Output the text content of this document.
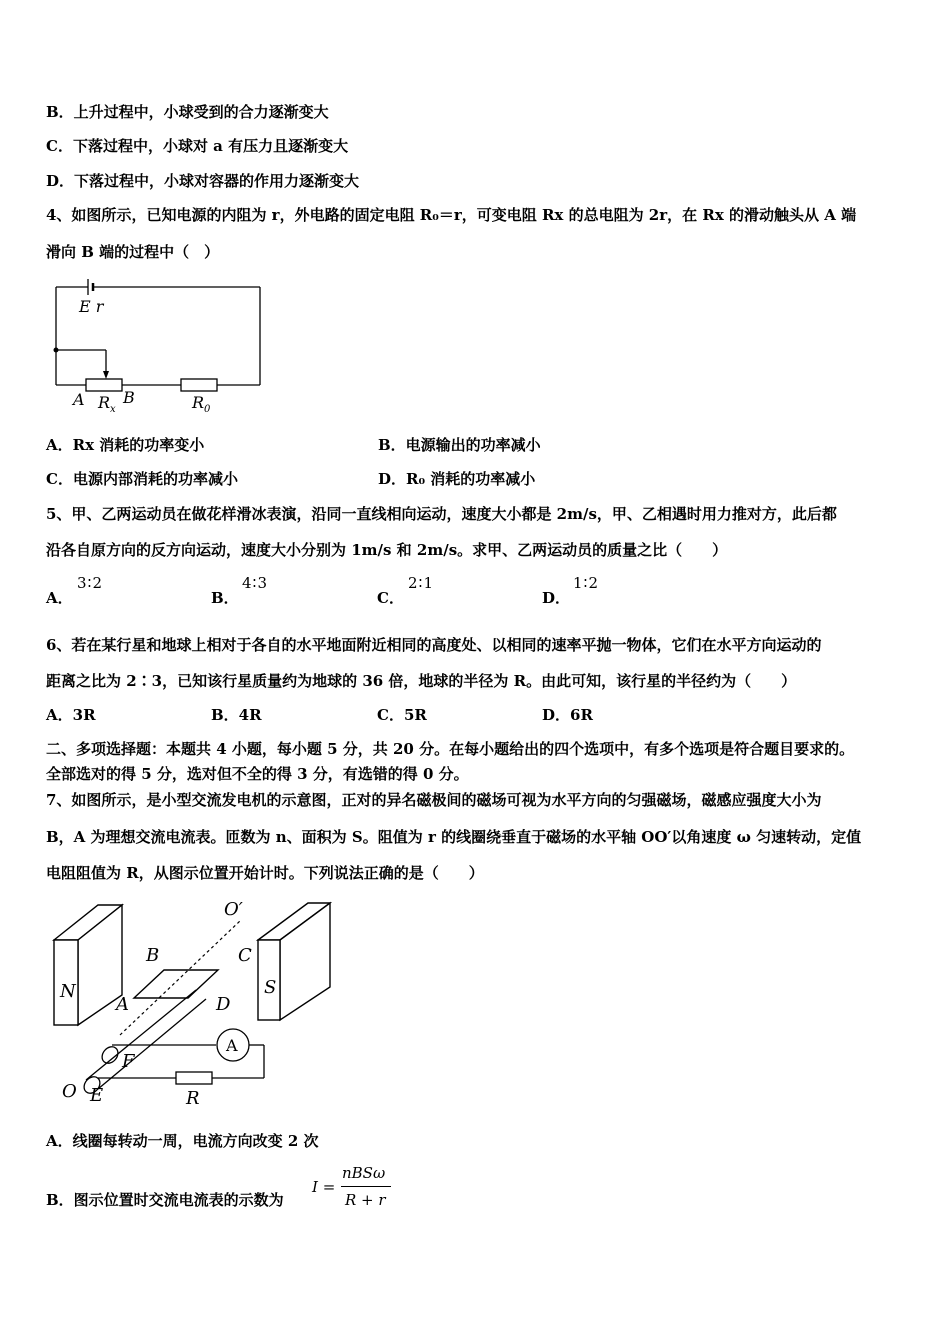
B．上升过程中，小球受到的合力逐渐变大
C．下落过程中，小球对 a 有压力且逐渐变大
D．下落过程中，小球对容器的作用力逐渐变大
4、如图所示，已知电源的内阻为 r，外电路的固定电阻 R₀＝r，可变电阻 Rx 的总电阻为 2r，在 Rx 的滑动触头从 A 端
滑向 B 端的过程中（　）
E r
A $R_x$
B	$R_0$
A．Rx 消耗的功率变小	B．电源输出的功率减小
C．电源内部消耗的功率减小	D．R₀ 消耗的功率减小
5、甲、乙两运动员在做花样滑冰表演，沿同一直线相向运动，速度大小都是 2m/s，甲、乙相遇时用力推对方，此后都
沿各自原方向的反方向运动，速度大小分别为 1m/s 和 2m/s。求甲、乙两运动员的质量之比（　　）
A．
3∶2
B．
4∶3
C．
2∶1
D．
1∶2
6、若在某行星和地球上相对于各自的水平地面附近相同的高度处、以相同的速率平抛一物体，它们在水平方向运动的
距离之比为 2∶3，已知该行星质量约为地球的 36 倍，地球的半径为 R。由此可知，该行星的半径约为（　　）
A．3R	B．4R	C．5R	D．6R
二、多项选择题：本题共 4 小题，每小题 5 分，共 20 分。在每小题给出的四个选项中，有多个选项是符合题目要求的。
全部选对的得 5 分，选对但不全的得 3 分，有选错的得 0 分。
7、如图所示，是小型交流发电机的示意图，正对的异名磁极间的磁场可视为水平方向的匀强磁场，磁感应强度大小为
B，A 为理想交流电流表。匝数为 n、面积为 S。阻值为 r 的线圈绕垂直于磁场的水平轴 OO′以角速度 ω 匀速转动，定值
电阻阻值为 R，从图示位置开始计时。下列说法正确的是（　　）
O′
B	C
N	S
A	D
F
A
O E	R
A．线圈每转动一周，电流方向改变 2 次
B．图示位置时交流电流表的示数为
I =
nBSω
R + r
